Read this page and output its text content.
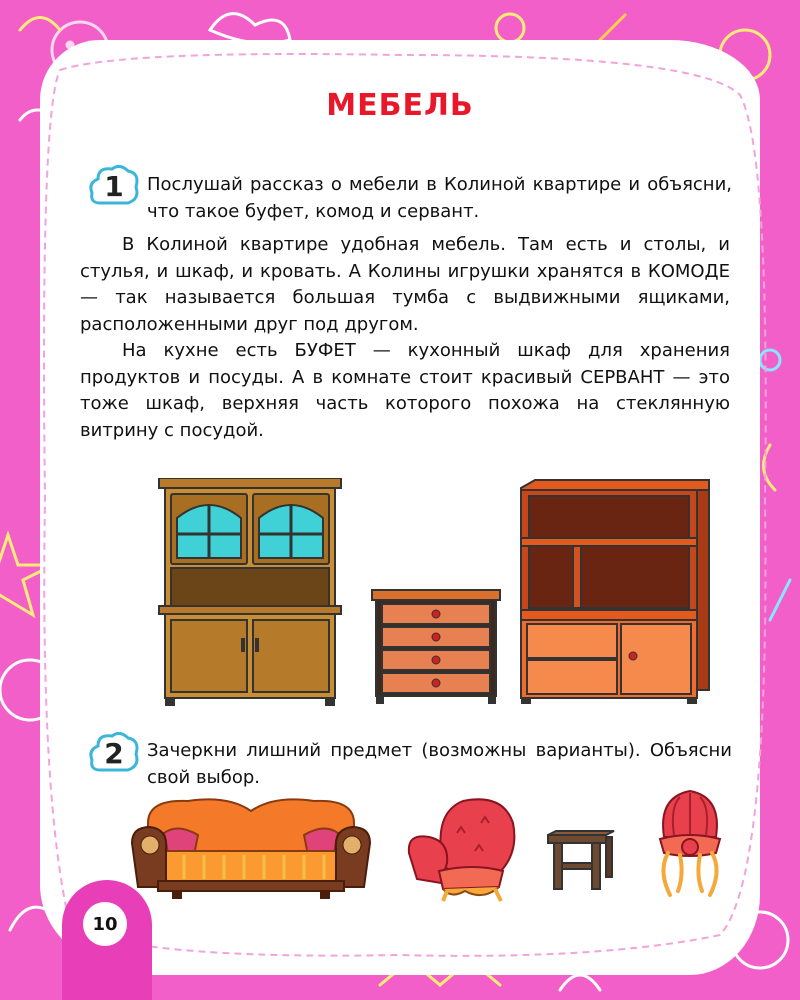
МЕБЕЛЬ
1 Послушай рассказ о мебели в Колиной квартире и объясни, что такое буфет, комод и сервант.

В Колиной квартире удобная мебель. Там есть и столы, и стулья, и шкаф, и кровать. А Колины игрушки хранятся в КОМОДЕ — так называется большая тумба с выдвижными ящиками, расположенными друг под другом.

На кухне есть БУФЕТ — кухонный шкаф для хранения продуктов и посуды. А в комнате стоит красивый СЕРВАНТ — это тоже шкаф, верхняя часть которого похожа на стеклянную витрину с посудой.

2 Зачеркни лишний предмет (возможны варианты). Объясни свой выбор.
10
